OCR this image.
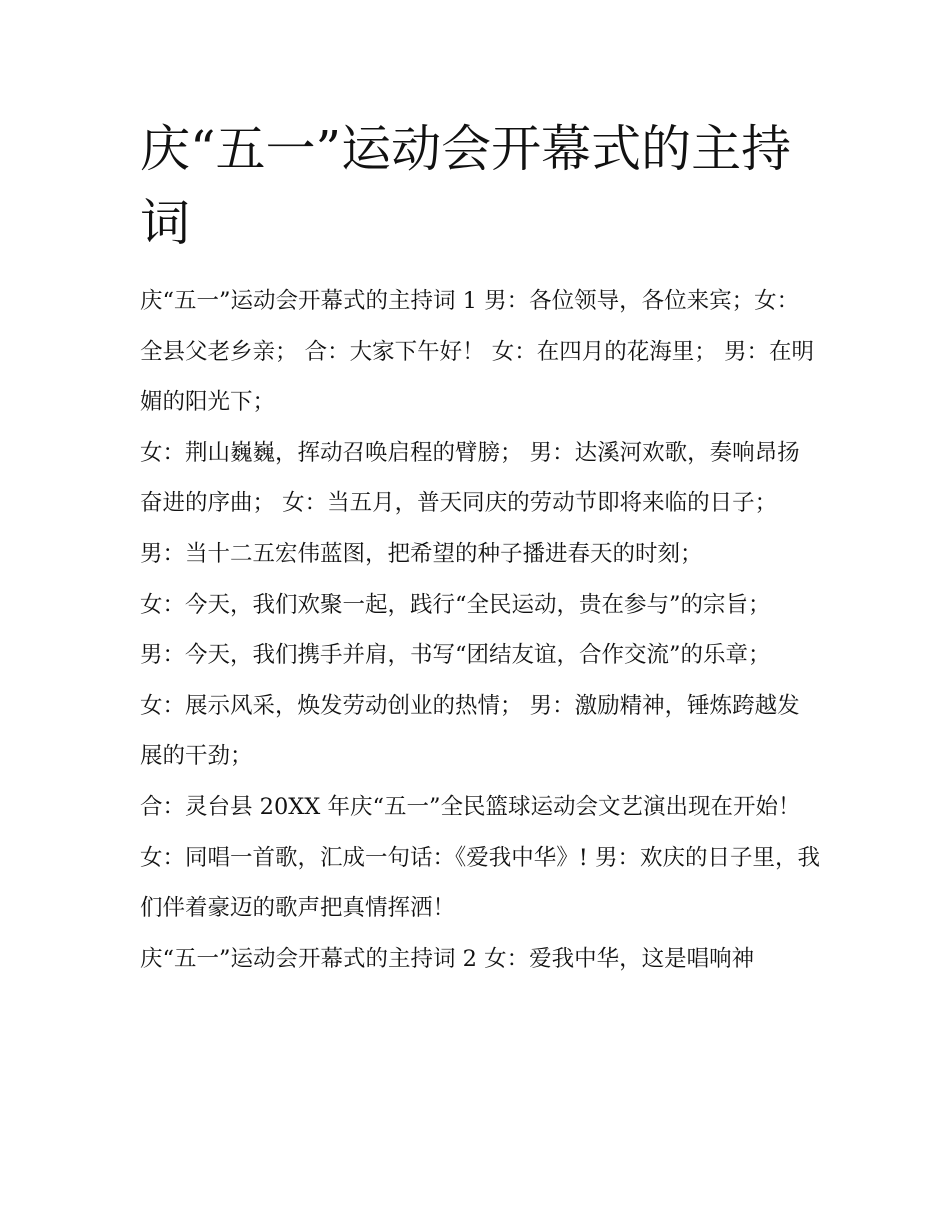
庆“五一”运动会开幕式的主持词

庆“五一”运动会开幕式的主持词 1 男：各位领导，各位来宾；女：全县父老乡亲； 合：大家下午好！ 女：在四月的花海里； 男：在明媚的阳光下；

女：荆山巍巍，挥动召唤启程的臂膀； 男：达溪河欢歌，奏响昂扬奋进的序曲； 女：当五月，普天同庆的劳动节即将来临的日子；

男：当十二五宏伟蓝图，把希望的种子播进春天的时刻；

女：今天，我们欢聚一起，践行“全民运动，贵在参与”的宗旨；

男：今天，我们携手并肩，书写“团结友谊，合作交流”的乐章； 女：展示风采，焕发劳动创业的热情； 男：激励精神，锤炼跨越发展的干劲；

合：灵台县 20XX 年庆“五一”全民篮球运动会文艺演出现在开始！ 女：同唱一首歌，汇成一句话：《爱我中华》! 男：欢庆的日子里，我们伴着豪迈的歌声把真情挥洒！

庆“五一”运动会开幕式的主持词 2 女：爱我中华，这是唱响神
